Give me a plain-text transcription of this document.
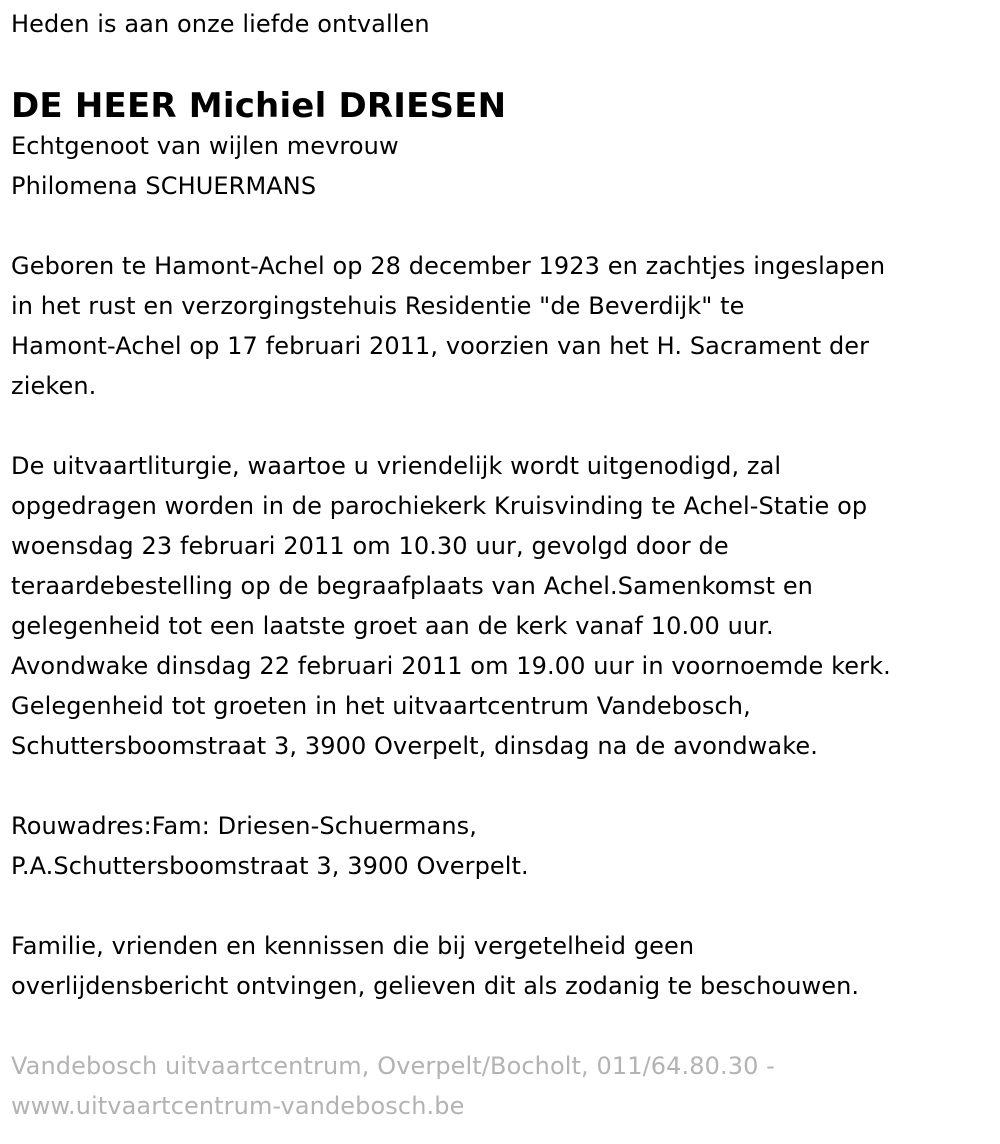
Heden is aan onze liefde ontvallen
DE HEER Michiel DRIESEN
Echtgenoot van wijlen mevrouw
Philomena SCHUERMANS
Geboren te Hamont-Achel op 28 december 1923 en zachtjes ingeslapen
in het rust en verzorgingstehuis Residentie "de Beverdijk" te
Hamont-Achel op 17 februari 2011, voorzien van het H. Sacrament der
zieken.
De uitvaartliturgie, waartoe u vriendelijk wordt uitgenodigd, zal
opgedragen worden in de parochiekerk Kruisvinding te Achel-Statie op
woensdag 23 februari 2011 om 10.30 uur, gevolgd door de
teraardebestelling op de begraafplaats van Achel.Samenkomst en
gelegenheid tot een laatste groet aan de kerk vanaf 10.00 uur.
Avondwake dinsdag 22 februari 2011 om 19.00 uur in voornoemde kerk.
Gelegenheid tot groeten in het uitvaartcentrum Vandebosch,
Schuttersboomstraat 3, 3900 Overpelt, dinsdag na de avondwake.
Rouwadres:Fam: Driesen-Schuermans,
P.A.Schuttersboomstraat 3, 3900 Overpelt.
Familie, vrienden en kennissen die bij vergetelheid geen
overlijdensbericht ontvingen, gelieven dit als zodanig te beschouwen.
Vandebosch uitvaartcentrum, Overpelt/Bocholt, 011/64.80.30 -
www.uitvaartcentrum-vandebosch.be
